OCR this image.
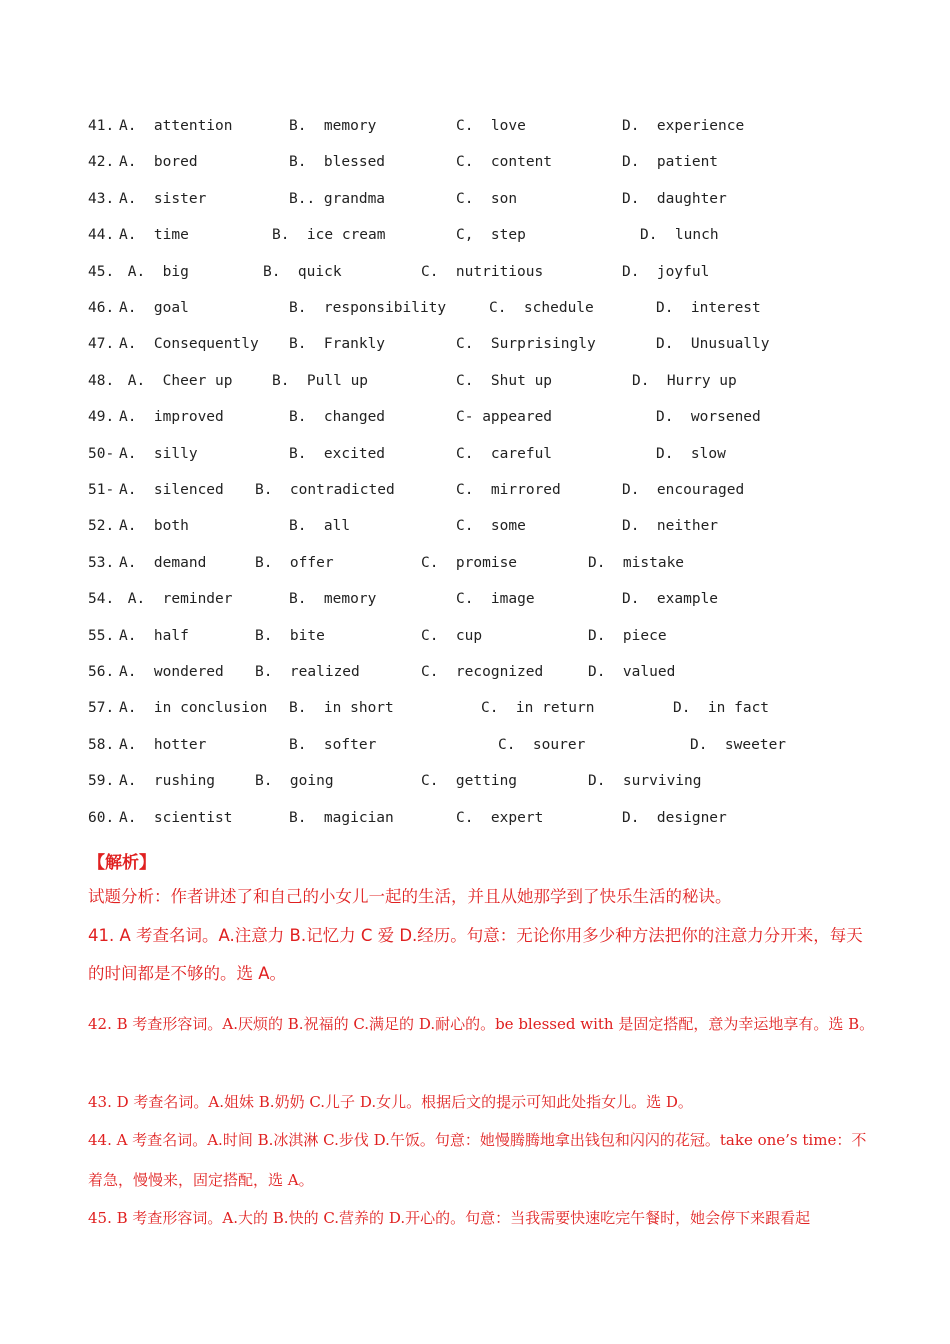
41. A.  attention	B.  memory	C.  love	D.  experience
42. A.  bored	B.  blessed	C.  content	D.  patient
43. A.  sister	B.. grandma	C.  son	D.  daughter
44. A.  time	B.  ice cream	C,  step	D.  lunch
45. A.  big	B.  quick	C.  nutritious	D.  joyful
46. A.  goal	B.  responsibility	C.  schedule	D.  interest
47. A.  Consequently B.  Frankly	C.  Surprisingly	D.  Unusually
48. A.  Cheer up	B.  Pull up	C.  Shut up	D.  Hurry up
49. A.  improved	B.  changed	C- appeared	D.  worsened
50- A.  silly	B.  excited	C.  careful	D.  slow
51- A.  silenced B.  contradicted	C.  mirrored	D.  encouraged
52. A.  both	B.  all	C.  some	D.  neither
53. A.  demand	B.  offer	C.  promise	D.  mistake
54. A.  reminder	B.  memory	C.  image	D.  example
55. A.  half	B.  bite	C.  cup	D.  piece
56. A.  wondered B.  realized	C.  recognized	D.  valued
57. A.  in conclusion B.  in short	C.  in return	D.  in fact
58. A.  hotter	B.  softer	C.  sourer	D.  sweeter
59. A.  rushing	B.  going	C.  getting	D.  surviving
60. A.  scientist	B.  magician	C.  expert	D.  designer
【解析】
试题分析：作者讲述了和自己的小女儿一起的生活，并且从她那学到了快乐生活的秘诀。
41. A 考查名词。A.注意力 B.记忆力 C 爱 D.经历。句意：无论你用多少种方法把你的注意力分开来，每天的时间都是不够的。选 A。
42. B 考查形容词。A.厌烦的 B.祝福的 C.满足的 D.耐心的。be blessed with 是固定搭配，意为幸运地享有。选 B。
43. D 考查名词。A.姐妹 B.奶奶 C.儿子 D.女儿。根据后文的提示可知此处指女儿。选 D。
44. A 考查名词。A.时间 B.冰淇淋 C.步伐 D.午饭。句意：她慢腾腾地拿出钱包和闪闪的花冠。take one’s time：不着急，慢慢来，固定搭配，选 A。
45. B 考查形容词。A.大的 B.快的 C.营养的 D.开心的。句意：当我需要快速吃完午餐时，她会停下来跟看起
